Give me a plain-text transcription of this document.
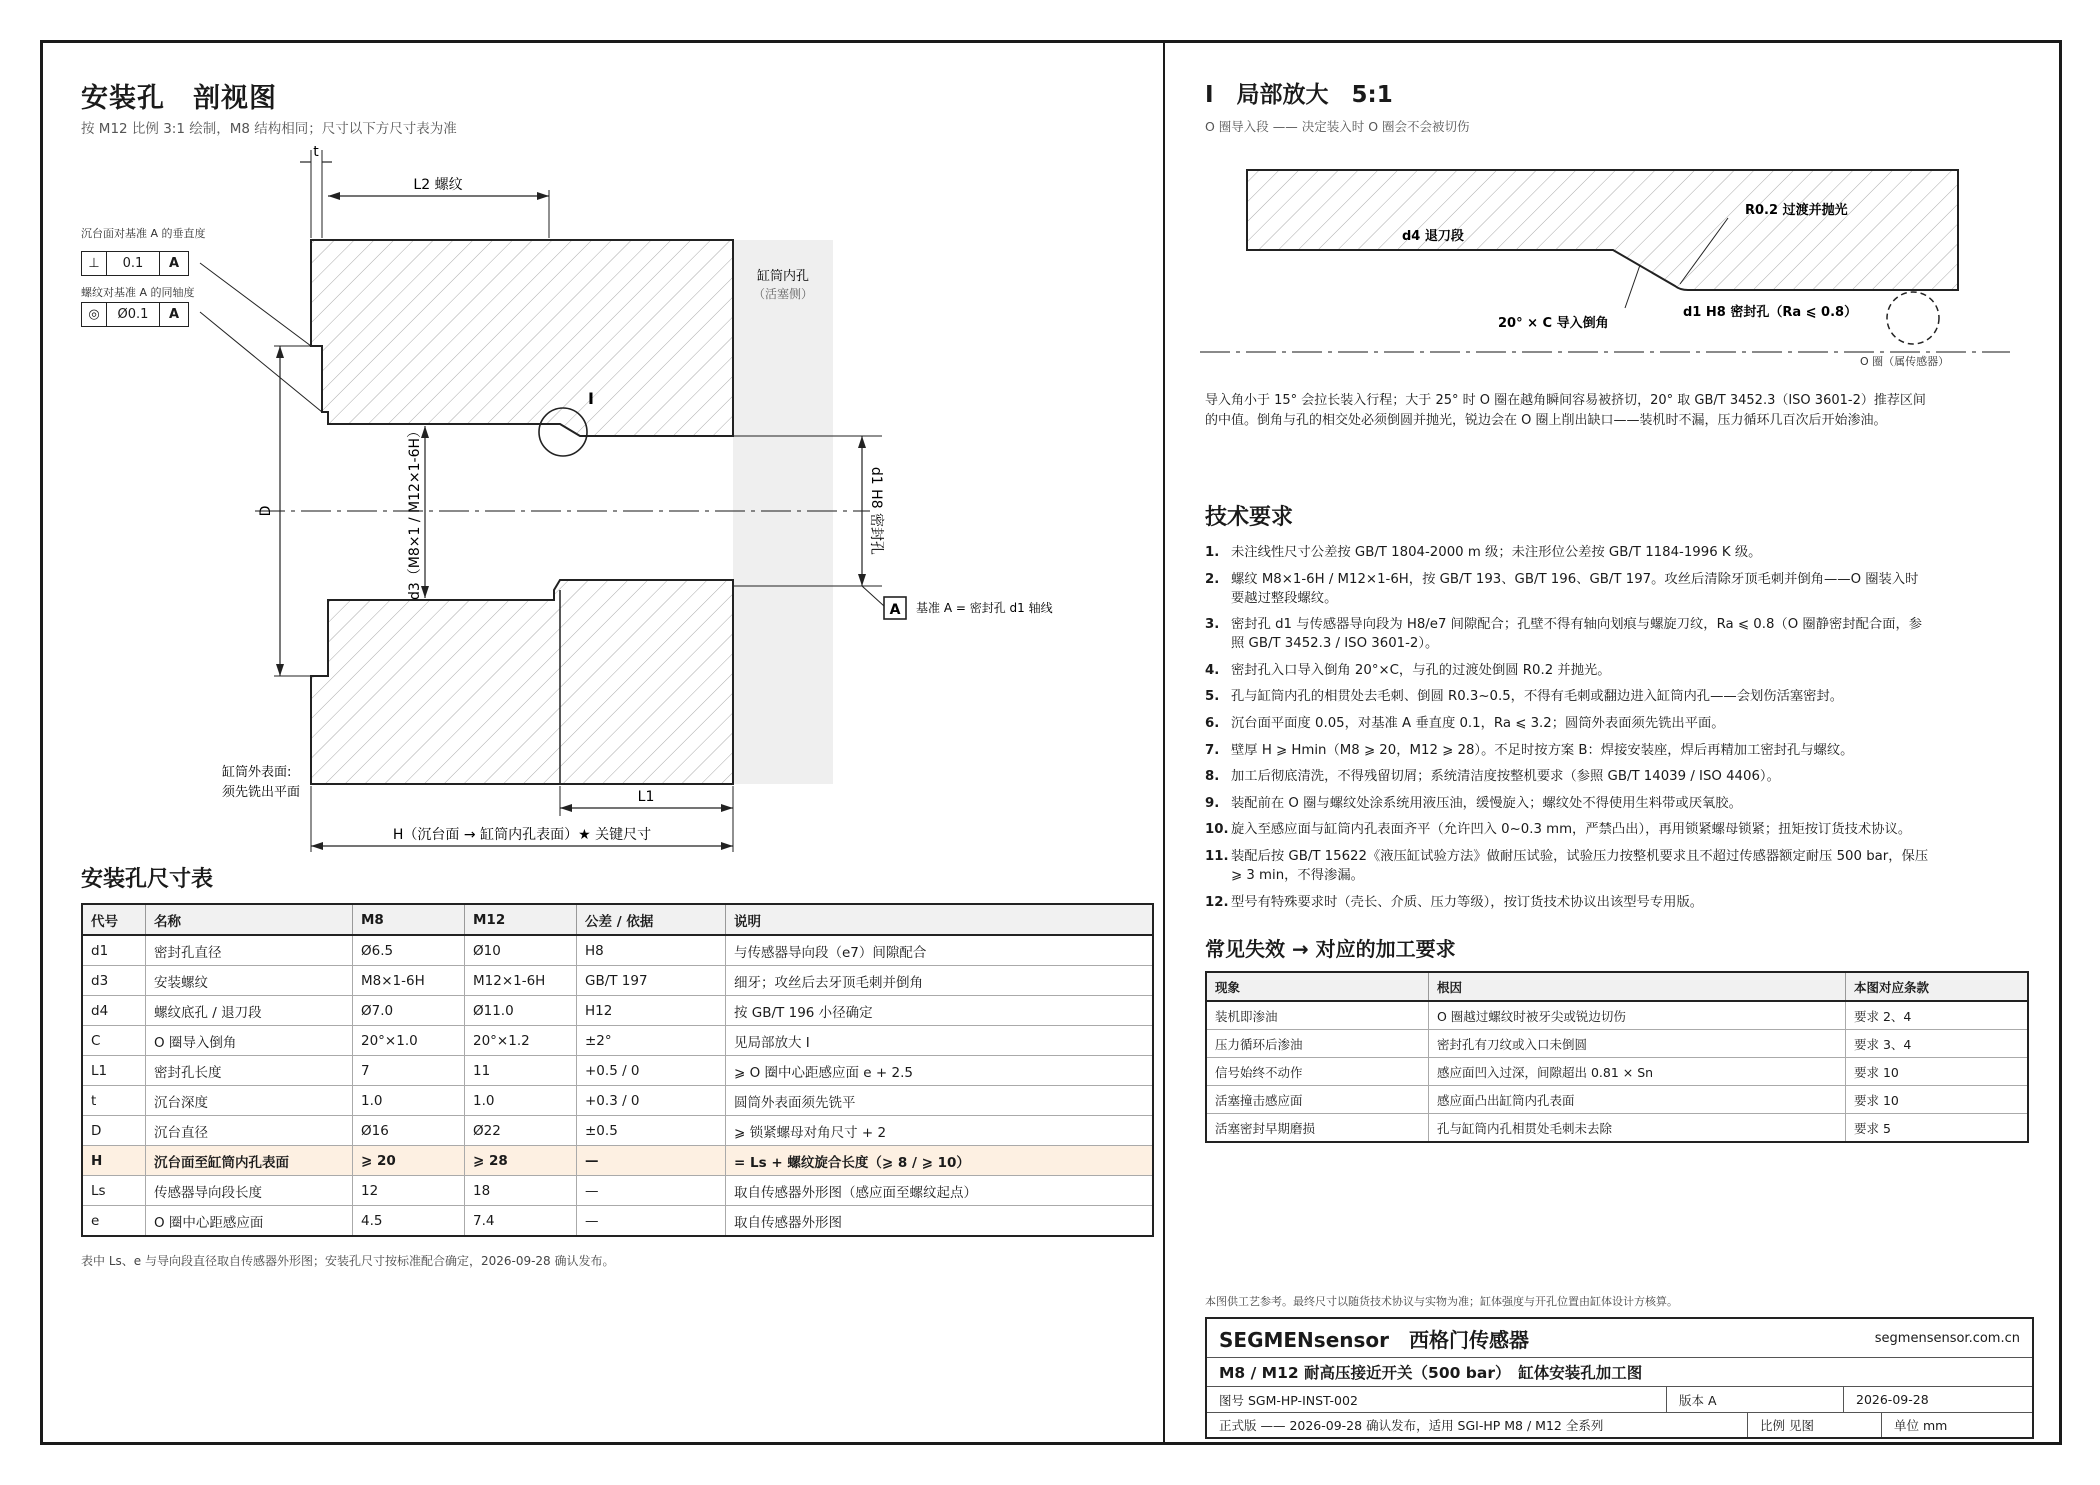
安装孔　剖视图
按 M12 比例 3:1 绘制，M8 结构相同；尺寸以下方尺寸表为准
I
t
L2 螺纹
d3（M8×1 / M12×1-6H）
D	d1 H8 密封孔
A 基准 A = 密封孔 d1 轴线
缸筒内孔
（活塞侧）
缸筒外表面:
须先铣出平面	L1
H（沉台面 → 缸筒内孔表面）★ 关键尺寸
沉台面对基准 A 的垂直度
⊥	0.1	A
螺纹对基准 A 的同轴度
◎	Ø0.1	A
安装孔尺寸表
代号	名称	M8	M12	公差 / 依据	说明
d1	密封孔直径	Ø6.5	Ø10	H8	与传感器导向段（e7）间隙配合
d3	安装螺纹	M8×1-6H	M12×1-6H	GB/T 197	细牙；攻丝后去牙顶毛刺并倒角
d4	螺纹底孔 / 退刀段	Ø7.0	Ø11.0	H12	按 GB/T 196 小径确定
C	O 圈导入倒角	20°×1.0	20°×1.2	±2°	见局部放大 I
L1	密封孔长度	7	11	+0.5 / 0	⩾ O 圈中心距感应面 e + 2.5
t	沉台深度	1.0	1.0	+0.3 / 0	圆筒外表面须先铣平
D	沉台直径	Ø16	Ø22	±0.5	⩾ 锁紧螺母对角尺寸 + 2
H	沉台面至缸筒内孔表面	⩾ 20	⩾ 28	—	= Ls + 螺纹旋合长度（⩾ 8 / ⩾ 10）
Ls	传感器导向段长度	12	18	—	取自传感器外形图（感应面至螺纹起点）
e	O 圈中心距感应面	4.5	7.4	—	取自传感器外形图
表中 Ls、e 与导向段直径取自传感器外形图；安装孔尺寸按标准配合确定，2026-09-28 确认发布。
I　局部放大　5:1
O 圈导入段 —— 决定装入时 O 圈会不会被切伤
d4 退刀段
R0.2 过渡并抛光
20° × C 导入倒角
d1 H8 密封孔（Ra ⩽ 0.8）
O 圈（属传感器）
导入角小于 15° 会拉长装入行程；大于 25° 时 O 圈在越角瞬间容易被挤切，20° 取 GB/T 3452.3（ISO 3601-2）推荐区间
的中值。倒角与孔的相交处必须倒圆并抛光，锐边会在 O 圈上削出缺口——装机时不漏，压力循环几百次后开始渗油。
技术要求
1. 未注线性尺寸公差按 GB/T 1804-2000 m 级；未注形位公差按 GB/T 1184-1996 K 级。
2. 螺纹 M8×1-6H / M12×1-6H，按 GB/T 193、GB/T 196、GB/T 197。攻丝后清除牙顶毛刺并倒角——O 圈装入时要越过整段螺纹。
3. 密封孔 d1 与传感器导向段为 H8/e7 间隙配合；孔壁不得有轴向划痕与螺旋刀纹，Ra ⩽ 0.8（O 圈静密封配合面，参照 GB/T 3452.3 / ISO 3601-2）。
4. 密封孔入口导入倒角 20°×C，与孔的过渡处倒圆 R0.2 并抛光。
5. 孔与缸筒内孔的相贯处去毛刺、倒圆 R0.3~0.5，不得有毛刺或翻边进入缸筒内孔——会划伤活塞密封。
6. 沉台面平面度 0.05，对基准 A 垂直度 0.1，Ra ⩽ 3.2；圆筒外表面须先铣出平面。
7. 壁厚 H ⩾ Hmin（M8 ⩾ 20，M12 ⩾ 28）。不足时按方案 B：焊接安装座，焊后再精加工密封孔与螺纹。
8. 加工后彻底清洗，不得残留切屑；系统清洁度按整机要求（参照 GB/T 14039 / ISO 4406）。
9. 装配前在 O 圈与螺纹处涂系统用液压油，缓慢旋入；螺纹处不得使用生料带或厌氧胶。
10. 旋入至感应面与缸筒内孔表面齐平（允许凹入 0~0.3 mm，严禁凸出），再用锁紧螺母锁紧；扭矩按订货技术协议。
11. 装配后按 GB/T 15622《液压缸试验方法》做耐压试验，试验压力按整机要求且不超过传感器额定耐压 500 bar，保压 ⩾ 3 min，不得渗漏。
12. 型号有特殊要求时（壳长、介质、压力等级），按订货技术协议出该型号专用版。
常见失效 → 对应的加工要求
现象	根因	本图对应条款
装机即渗油	O 圈越过螺纹时被牙尖或锐边切伤	要求 2、4
压力循环后渗油	密封孔有刀纹或入口未倒圆	要求 3、4
信号始终不动作	感应面凹入过深，间隙超出 0.81 × Sn	要求 10
活塞撞击感应面	感应面凸出缸筒内孔表面	要求 10
活塞密封早期磨损	孔与缸筒内孔相贯处毛刺未去除	要求 5
本图供工艺参考。最终尺寸以随货技术协议与实物为准；缸体强度与开孔位置由缸体设计方核算。
SEGMENsensor　西格门传感器	segmensensor.com.cn
M8 / M12 耐高压接近开关（500 bar）　缸体安装孔加工图
图号 SGM-HP-INST-002	版本 A	2026-09-28
正式版 —— 2026-09-28 确认发布，适用 SGI-HP M8 / M12 全系列	比例 见图	单位 mm
